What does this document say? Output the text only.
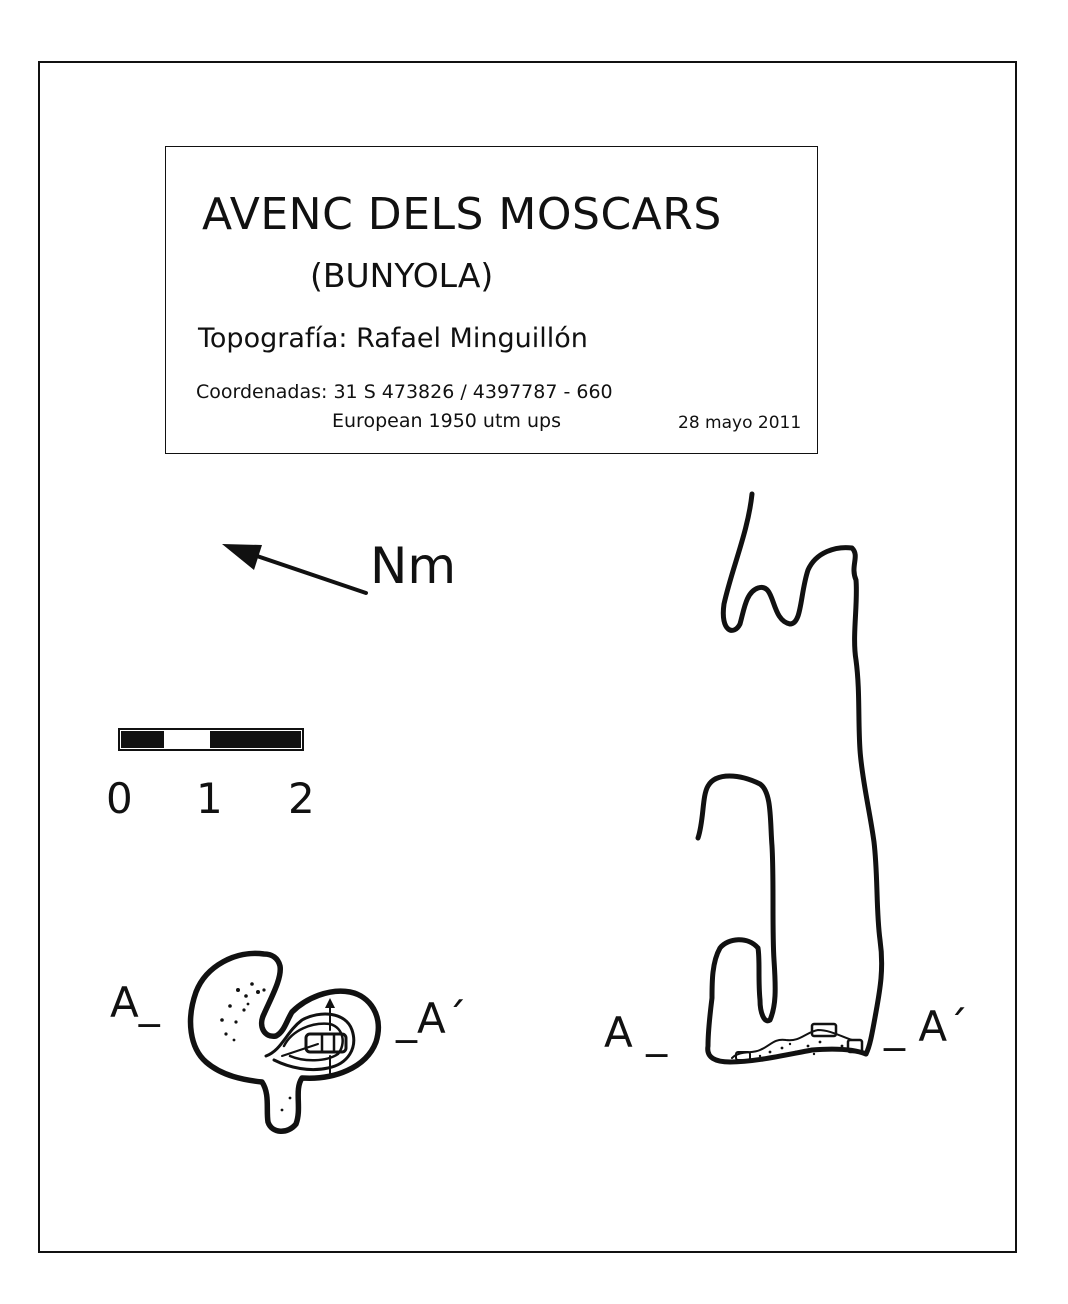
AVENC DELS MOSCARS
(BUNYOLA)
Topografía: Rafael Minguillón
Coordenadas: 31 S 473826 / 4397787 - 660
European 1950 utm ups	28 mayo 2011
Nm
0 1 2
A_	_A´	A _	_ A´
